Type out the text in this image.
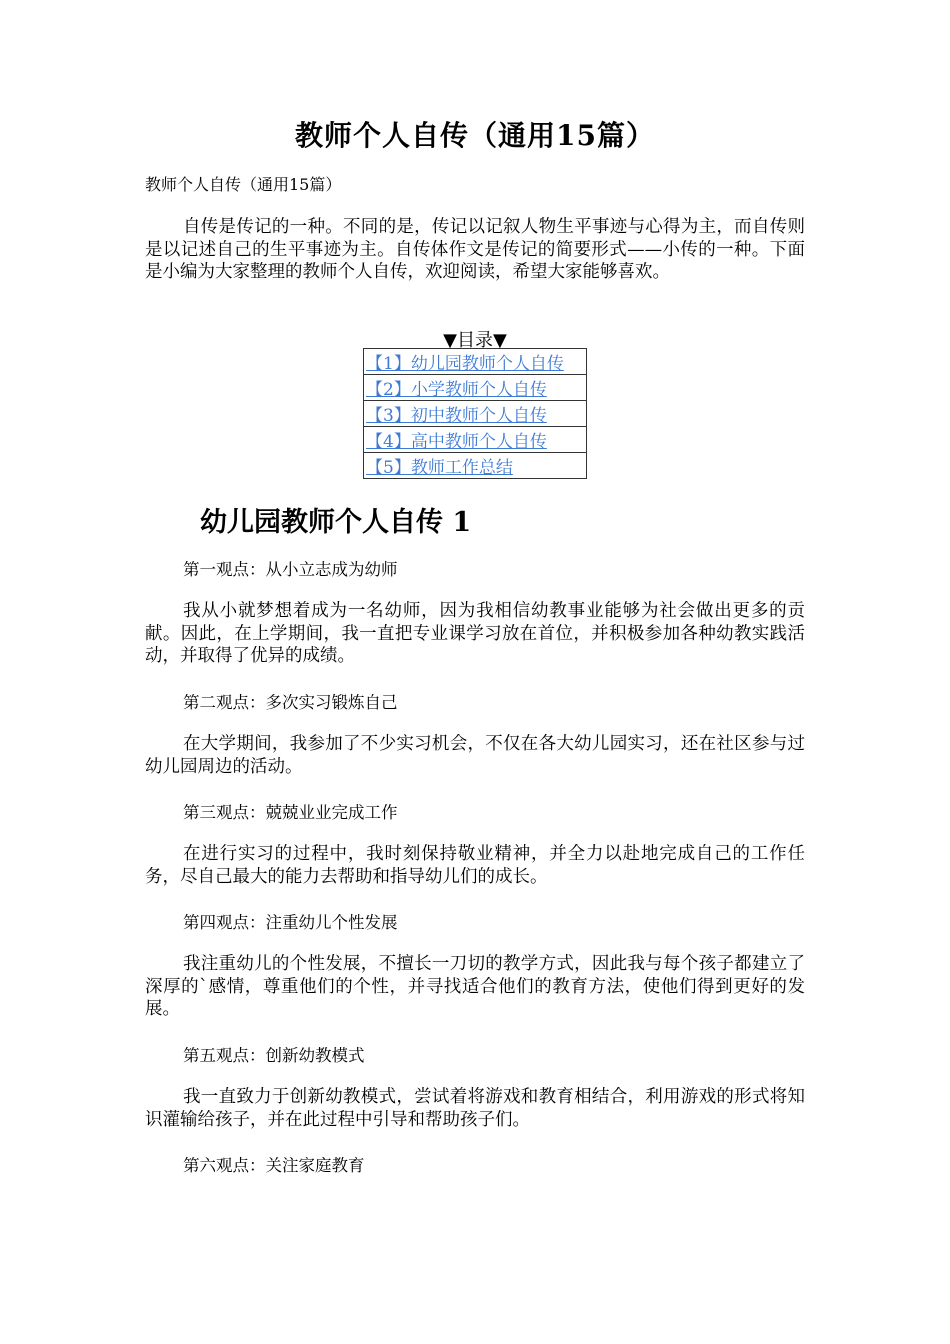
教师个人自传（通用15篇）
教师个人自传（通用15篇）
自传是传记的一种。不同的是，传记以记叙人物生平事迹与心得为主，而自传则是以记述自己的生平事迹为主。自传体作文是传记的简要形式——小传的一种。下面是小编为大家整理的教师个人自传，欢迎阅读，希望大家能够喜欢。
▼目录▼
【1】幼儿园教师个人自传
【2】小学教师个人自传
【3】初中教师个人自传
【4】高中教师个人自传
【5】教师工作总结
幼儿园教师个人自传 1
第一观点：从小立志成为幼师
我从小就梦想着成为一名幼师，因为我相信幼教事业能够为社会做出更多的贡献。因此，在上学期间，我一直把专业课学习放在首位，并积极参加各种幼教实践活动，并取得了优异的成绩。
第二观点：多次实习锻炼自己
在大学期间，我参加了不少实习机会，不仅在各大幼儿园实习，还在社区参与过幼儿园周边的活动。
第三观点：兢兢业业完成工作
在进行实习的过程中，我时刻保持敬业精神，并全力以赴地完成自己的工作任务，尽自己最大的能力去帮助和指导幼儿们的成长。
第四观点：注重幼儿个性发展
我注重幼儿的个性发展，不擅长一刀切的教学方式，因此我与每个孩子都建立了深厚的`感情，尊重他们的个性，并寻找适合他们的教育方法，使他们得到更好的发展。
第五观点：创新幼教模式
我一直致力于创新幼教模式，尝试着将游戏和教育相结合，利用游戏的形式将知识灌输给孩子，并在此过程中引导和帮助孩子们。
第六观点：关注家庭教育
